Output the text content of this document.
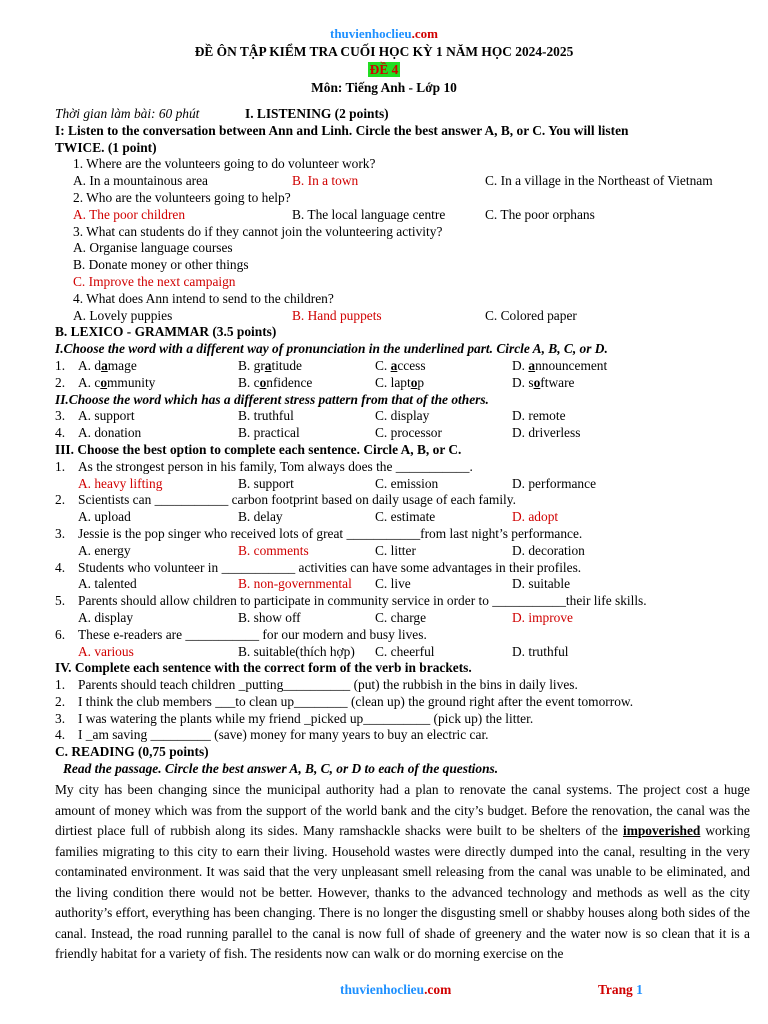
thuvienhoclieu.com
ĐỀ ÔN TẬP KIỂM TRA CUỐI HỌC KỲ 1 NĂM HỌC 2024-2025
ĐỀ 4
Môn: Tiếng Anh - Lớp 10
Thời gian làm bài: 60 phút	I. LISTENING (2 points)
I: Listen to the conversation between Ann and Linh. Circle the best answer A, B, or C. You will listen
TWICE. (1 point)
1. Where are the volunteers going to do volunteer work?
A. In a mountainous area	B. In a town	C. In a village in the Northeast of Vietnam
2. Who are the volunteers going to help?
A. The poor children	B. The local language centre	C. The poor orphans
3. What can students do if they cannot join the volunteering activity?
A. Organise language courses
B. Donate money or other things
C. Improve the next campaign
4. What does Ann intend to send to the children?
A. Lovely puppies	B. Hand puppets	C. Colored paper
B. LEXICO - GRAMMAR (3.5 points)
I.Choose the word with a different way of pronunciation in the underlined part. Circle A, B, C, or D.
1. A. damage	B. gratitude	C. access	D. announcement
2. A. community	B. confidence	C. laptop	D. software
II.Choose the word which has a different stress pattern from that of the others.
3. A. support	B. truthful	C. display	D. remote
4. A. donation	B. practical	C. processor	D. driverless
III. Choose the best option to complete each sentence. Circle A, B, or C.
1. As the strongest person in his family, Tom always does the ___________.
A. heavy lifting	B. support	C. emission	D. performance
2. Scientists can ___________ carbon footprint based on daily usage of each family.
A. upload	B. delay	C. estimate	D. adopt
3. Jessie is the pop singer who received lots of great ___________from last night’s performance.
A. energy	B. comments	C. litter	D. decoration
4. Students who volunteer in ___________ activities can have some advantages in their profiles.
A. talented	B. non-governmental C. live	D. suitable
5. Parents should allow children to participate in community service in order to ___________their life skills.
A. display	B. show off	C. charge	D. improve
6. These e-readers are ___________ for our modern and busy lives.
A. various	B. suitable(thích hợp) C. cheerful	D. truthful
IV. Complete each sentence with the correct form of the verb in brackets.
1. Parents should teach children _putting__________ (put) the rubbish in the bins in daily lives.
2. I think the club members ___to clean up________ (clean up) the ground right after the event tomorrow.
3. I was watering the plants while my friend _picked up__________ (pick up) the litter.
4. I _am saving _________ (save) money for many years to buy an electric car.
C. READING (0,75 points)
Read the passage. Circle the best answer A, B, C, or D to each of the questions.
My city has been changing since the municipal authority had a plan to renovate the canal systems. The project cost a huge amount of money which was from the support of the world bank and the city’s budget. Before the renovation, the canal was the dirtiest place full of rubbish along its sides. Many ramshackle shacks were built to be shelters of the impoverished working families migrating to this city to earn their living. Household wastes were directly dumped into the canal, resulting in the very contaminated environment. It was said that the very unpleasant smell releasing from the canal was unable to be eliminated, and the living condition there would not be better. However, thanks to the advanced technology and methods as well as the city authority’s effort, everything has been changing. There is no longer the disgusting smell or shabby houses along both sides of the canal. Instead, the road running parallel to the canal is now full of shade of greenery and the water now is so clean that it is a friendly habitat for a variety of fish. The residents now can walk or do morning exercise on the
thuvienhoclieu.com	Trang 1
